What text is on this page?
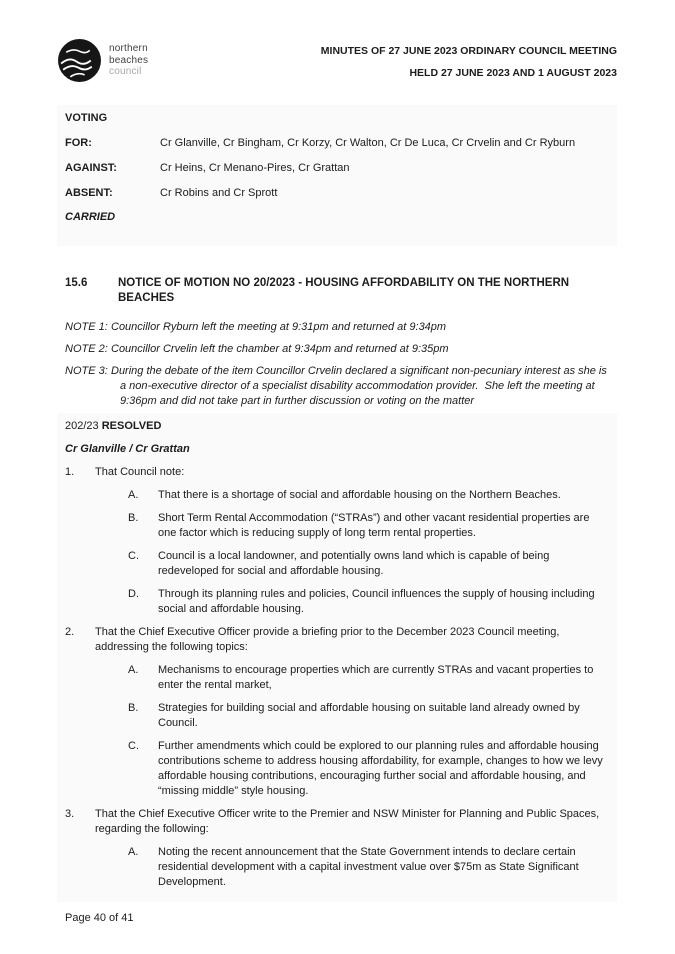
northern
beaches
council
MINUTES OF 27 JUNE 2023 ORDINARY COUNCIL MEETING
HELD 27 JUNE 2023 AND 1 AUGUST 2023
VOTING
FOR:	Cr Glanville, Cr Bingham, Cr Korzy, Cr Walton, Cr De Luca, Cr Crvelin and Cr Ryburn
AGAINST:	Cr Heins, Cr Menano-Pires, Cr Grattan
ABSENT:	Cr Robins and Cr Sprott
CARRIED
15.6	NOTICE OF MOTION NO 20/2023 - HOUSING AFFORDABILITY ON THE NORTHERN BEACHES
NOTE 1: Councillor Ryburn left the meeting at 9:31pm and returned at 9:34pm
NOTE 2: Councillor Crvelin left the chamber at 9:34pm and returned at 9:35pm
NOTE 3: During the debate of the item Councillor Crvelin declared a significant non-pecuniary interest as she is a non-executive director of a specialist disability accommodation provider.  She left the meeting at 9:36pm and did not take part in further discussion or voting on the matter
202/23 RESOLVED
Cr Glanville / Cr Grattan
1.	That Council note:
A.	That there is a shortage of social and affordable housing on the Northern Beaches.
B.	Short Term Rental Accommodation (“STRAs”) and other vacant residential properties are one factor which is reducing supply of long term rental properties.
C.	Council is a local landowner, and potentially owns land which is capable of being redeveloped for social and affordable housing.
D.	Through its planning rules and policies, Council influences the supply of housing including social and affordable housing.
2.	That the Chief Executive Officer provide a briefing prior to the December 2023 Council meeting, addressing the following topics:
A.	Mechanisms to encourage properties which are currently STRAs and vacant properties to enter the rental market,
B.	Strategies for building social and affordable housing on suitable land already owned by Council.
C.	Further amendments which could be explored to our planning rules and affordable housing contributions scheme to address housing affordability, for example, changes to how we levy affordable housing contributions, encouraging further social and affordable housing, and “missing middle” style housing.
3.	That the Chief Executive Officer write to the Premier and NSW Minister for Planning and Public Spaces, regarding the following:
A.	Noting the recent announcement that the State Government intends to declare certain residential development with a capital investment value over $75m as State Significant Development.
Page 40 of 41
